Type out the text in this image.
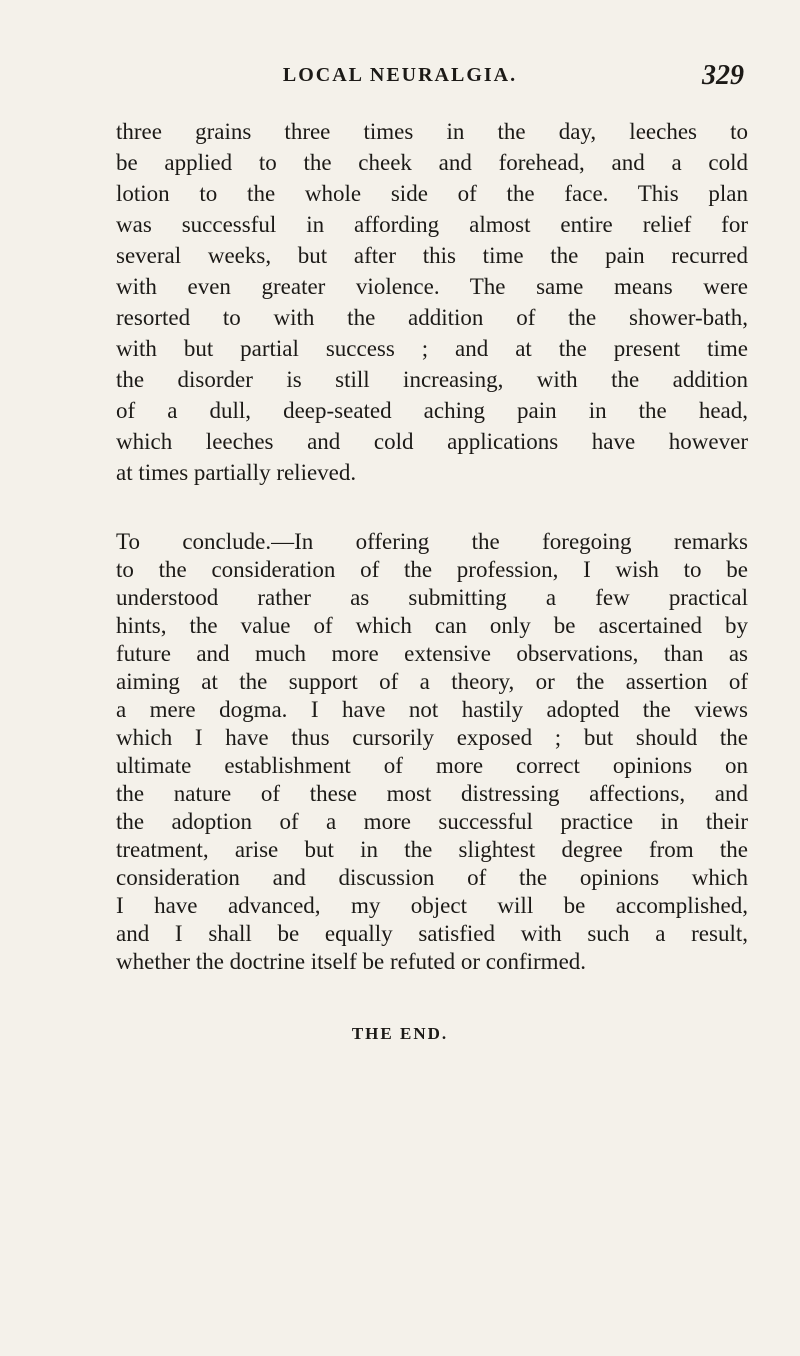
LOCAL NEURALGIA.	329
three grains three times in the day, leeches to
be applied to the cheek and forehead, and a cold
lotion to the whole side of the face. This plan
was successful in affording almost entire relief for
several weeks, but after this time the pain recurred
with even greater violence. The same means were
resorted to with the addition of the shower-bath,
with but partial success ; and at the present time
the disorder is still increasing, with the addition
of a dull, deep-seated aching pain in the head,
which leeches and cold applications have however
at times partially relieved.
To conclude.—In offering the foregoing remarks
to the consideration of the profession, I wish to be
understood rather as submitting a few practical
hints, the value of which can only be ascertained by
future and much more extensive observations, than as
aiming at the support of a theory, or the assertion of
a mere dogma. I have not hastily adopted the views
which I have thus cursorily exposed ; but should the
ultimate establishment of more correct opinions on
the nature of these most distressing affections, and
the adoption of a more successful practice in their
treatment, arise but in the slightest degree from the
consideration and discussion of the opinions which
I have advanced, my object will be accomplished,
and I shall be equally satisfied with such a result,
whether the doctrine itself be refuted or confirmed.
THE END.
